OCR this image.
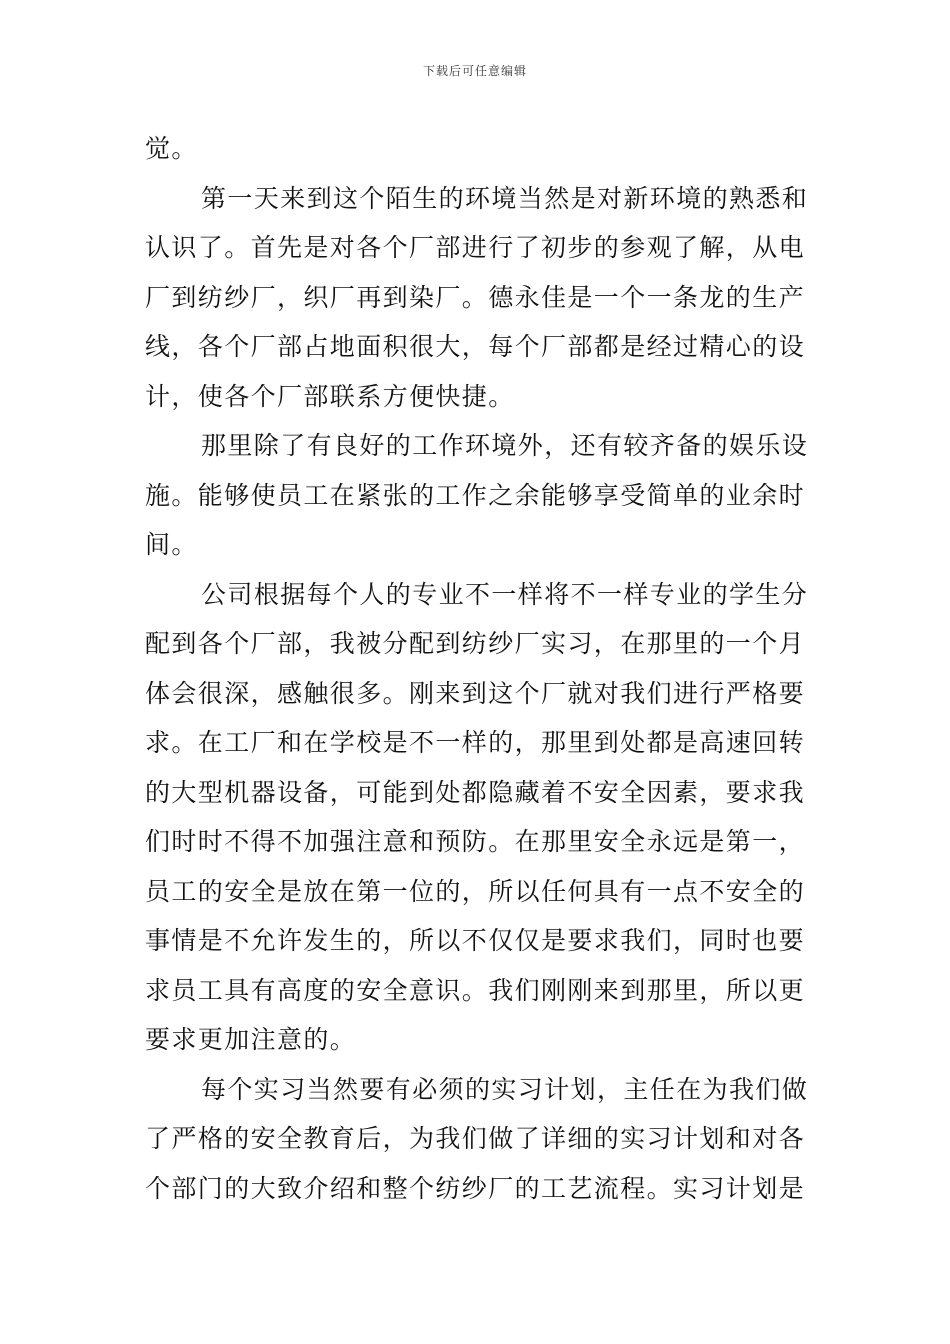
下载后可任意编辑
觉。
第一天来到这个陌生的环境当然是对新环境的熟悉和
认识了。首先是对各个厂部进行了初步的参观了解，从电
厂到纺纱厂，织厂再到染厂。德永佳是一个一条龙的生产
线，各个厂部占地面积很大，每个厂部都是经过精心的设
计，使各个厂部联系方便快捷。
那里除了有良好的工作环境外，还有较齐备的娱乐设
施。能够使员工在紧张的工作之余能够享受简单的业余时
间。
公司根据每个人的专业不一样将不一样专业的学生分
配到各个厂部，我被分配到纺纱厂实习，在那里的一个月
体会很深，感触很多。刚来到这个厂就对我们进行严格要
求。在工厂和在学校是不一样的，那里到处都是高速回转
的大型机器设备，可能到处都隐藏着不安全因素，要求我
们时时不得不加强注意和预防。在那里安全永远是第一，
员工的安全是放在第一位的，所以任何具有一点不安全的
事情是不允许发生的，所以不仅仅是要求我们，同时也要
求员工具有高度的安全意识。我们刚刚来到那里，所以更
要求更加注意的。
每个实习当然要有必须的实习计划，主任在为我们做
了严格的安全教育后，为我们做了详细的实习计划和对各
个部门的大致介绍和整个纺纱厂的工艺流程。实习计划是
